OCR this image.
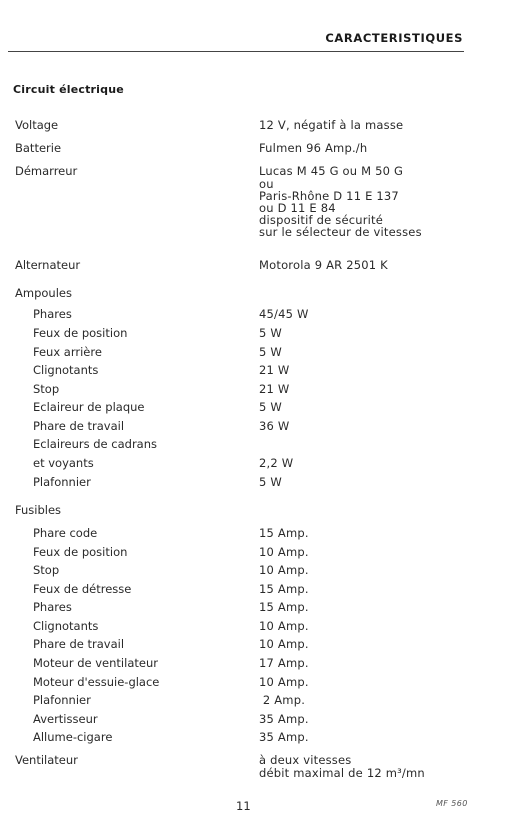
CARACTERISTIQUES
Circuit électrique
Voltage	12 V, négatif à la masse
Batterie	Fulmen 96 Amp./h
Démarreur	Lucas M 45 G ou M 50 G
ou
Paris-Rhône D 11 E 137
ou D 11 E 84
dispositif de sécurité
sur le sélecteur de vitesses
Alternateur	Motorola 9 AR 2501 K
Ampoules
Phares	45/45 W
Feux de position	5 W
Feux arrière	5 W
Clignotants	21 W
Stop	21 W
Eclaireur de plaque	5 W
Phare de travail	36 W
Eclaireurs de cadrans
et voyants	2,2 W
Plafonnier	5 W
Fusibles
Phare code	15 Amp.
Feux de position	10 Amp.
Stop	10 Amp.
Feux de détresse	15 Amp.
Phares	15 Amp.
Clignotants	10 Amp.
Phare de travail	10 Amp.
Moteur de ventilateur	17 Amp.
Moteur d'essuie-glace	10 Amp.
Plafonnier	2 Amp.
Avertisseur	35 Amp.
Allume-cigare	35 Amp.
Ventilateur	à deux vitesses
débit maximal de 12 m³/mn
11	MF 560
